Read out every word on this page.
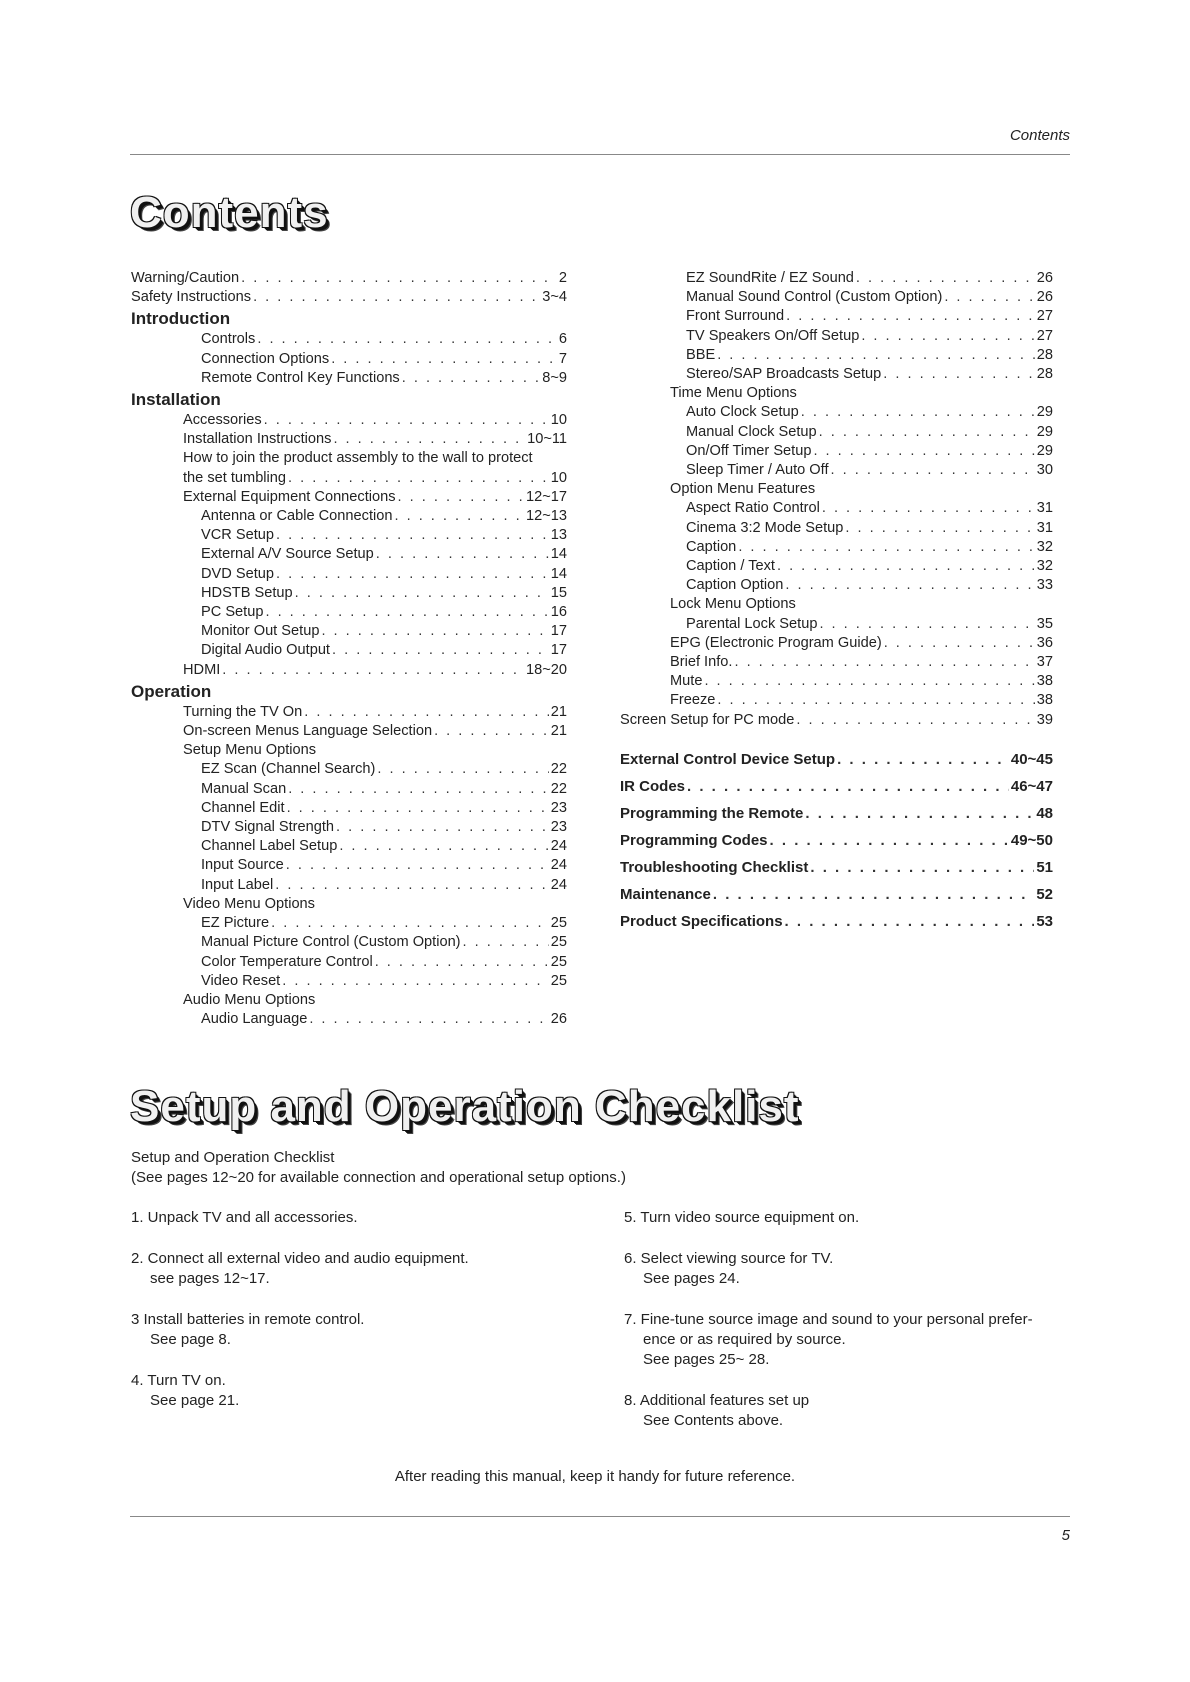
Contents
Contents
Warning/Caution . . .	2
Safety Instructions . . .	3~4
Introduction
Controls . . .	6
Connection Options . . .	7
Remote Control Key Functions . . .	8~9
Installation
Accessories . . .	10
Installation Instructions . . .	10~11
How to join the product assembly to the wall to protect
the set tumbling . . .	10
External Equipment Connections . . .	12~17
Antenna or Cable Connection . . .	12~13
VCR Setup . . .	13
External A/V Source Setup . . .	14
DVD Setup . . .	14
HDSTB Setup . . .	15
PC Setup . . .	16
Monitor Out Setup . . .	17
Digital Audio Output . . .	17
HDMI . . .	18~20
Operation
Turning the TV On . . .	21
On-screen Menus Language Selection . . .	21
Setup Menu Options
EZ Scan (Channel Search) . . .	22
Manual Scan . . .	22
Channel Edit . . .	23
DTV Signal Strength . . .	23
Channel Label Setup . . .	24
Input Source . . .	24
Input Label . . .	24
Video Menu Options
EZ Picture . . .	25
Manual Picture Control (Custom Option) . . .	25
Color Temperature Control . . .	25
Video Reset . . .	25
Audio Menu Options
Audio Language . . .	26
EZ SoundRite / EZ Sound . . .	26
Manual Sound Control (Custom Option) . . .	26
Front Surround . . .	27
TV Speakers On/Off Setup . . .	27
BBE . . .	28
Stereo/SAP Broadcasts Setup . . .	28
Time Menu Options
Auto Clock Setup . . .	29
Manual Clock Setup . . .	29
On/Off Timer Setup . . .	29
Sleep Timer / Auto Off . . .	30
Option Menu Features
Aspect Ratio Control . . .	31
Cinema 3:2 Mode Setup . . .	31
Caption . . .	32
Caption / Text . . .	32
Caption Option . . .	33
Lock Menu Options
Parental Lock Setup . . .	35
EPG (Electronic Program Guide) . . .	36
Brief Info. . . .	37
Mute . . .	38
Freeze . . .	38
Screen Setup for PC mode . . .	39
External Control Device Setup . . .	40~45
IR Codes . . .	46~47
Programming the Remote . . .	48
Programming Codes . . .	49~50
Troubleshooting Checklist . . .	51
Maintenance . . .	52
Product Specifications . . .	53
Setup and Operation Checklist
Setup and Operation Checklist
(See pages 12~20 for available connection and operational setup options.)
1. Unpack TV and all accessories.
2. Connect all external video and audio equipment.
see pages 12~17.
3 Install batteries in remote control.
See page 8.
4. Turn TV on.
See page 21.
5. Turn video source equipment on.
6. Select viewing source for TV.
See pages 24.
7. Fine-tune source image and sound to your personal prefer-
ence or as required by source.
See pages 25~ 28.
8. Additional features set up
See Contents above.
After reading this manual, keep it handy for future reference.
5
